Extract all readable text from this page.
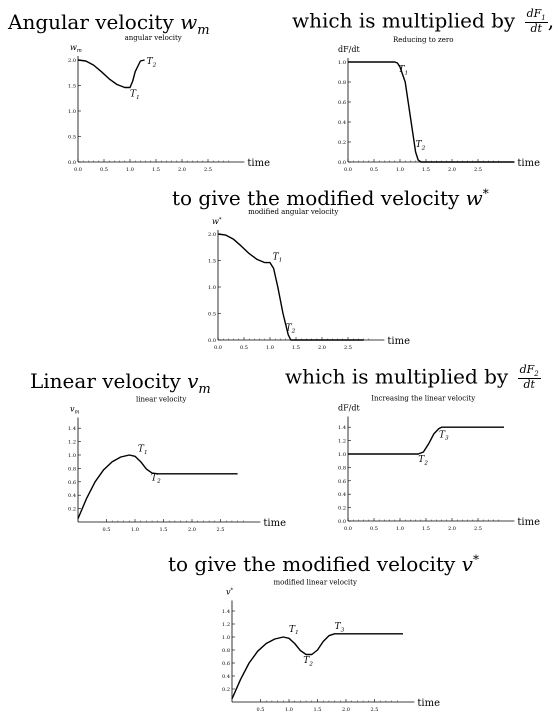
Angular velocity $w_m$	which is multiplied by $\frac{dF_1}{dt}$ ,
to give the modified velocity w*
Linear velocity $v_m$
which is multiplied by $\frac{dF_2}{dt}$
to give the modified velocity v*
0.0	0.5	1.0	1.5	2.0	2.5
0.0
0.5
1.0
1.5
2.0
time
$w_m$
angular velocity
$T_1$
$T_2$
0.0	0.5	1.0	1.5	2.0	2.5
0.0
0.2
0.4
0.6
0.8
1.0
time
dF/dt
Reducing to zero
$T_1$
$T_2$
0.0	0.5	1.0	1.5	2.0	2.5
0.0
0.5
1.0
1.5
2.0
time
w*
modified angular velocity
$T_1$
$T_2$
0.5	1.0	1.5	2.0	2.5
0.2
0.4
0.6
0.8
1.0
1.2
1.4
time
$v_m$
linear velocity
$T_1$
$T_2$
0.0	0.5	1.0	1.5	2.0	2.5
0.0
0.2
0.4
0.6
0.8
1.0
1.2
1.4
time
dF/dt
Increasing the linear velocity
$T_2$
$T_3$
0.5	1.0	1.5	2.0	2.5
0.2
0.4
0.6
0.8
1.0
1.2
1.4
time
v*
modified linear velocity
$T_1$
$T_2$
$T_3$
